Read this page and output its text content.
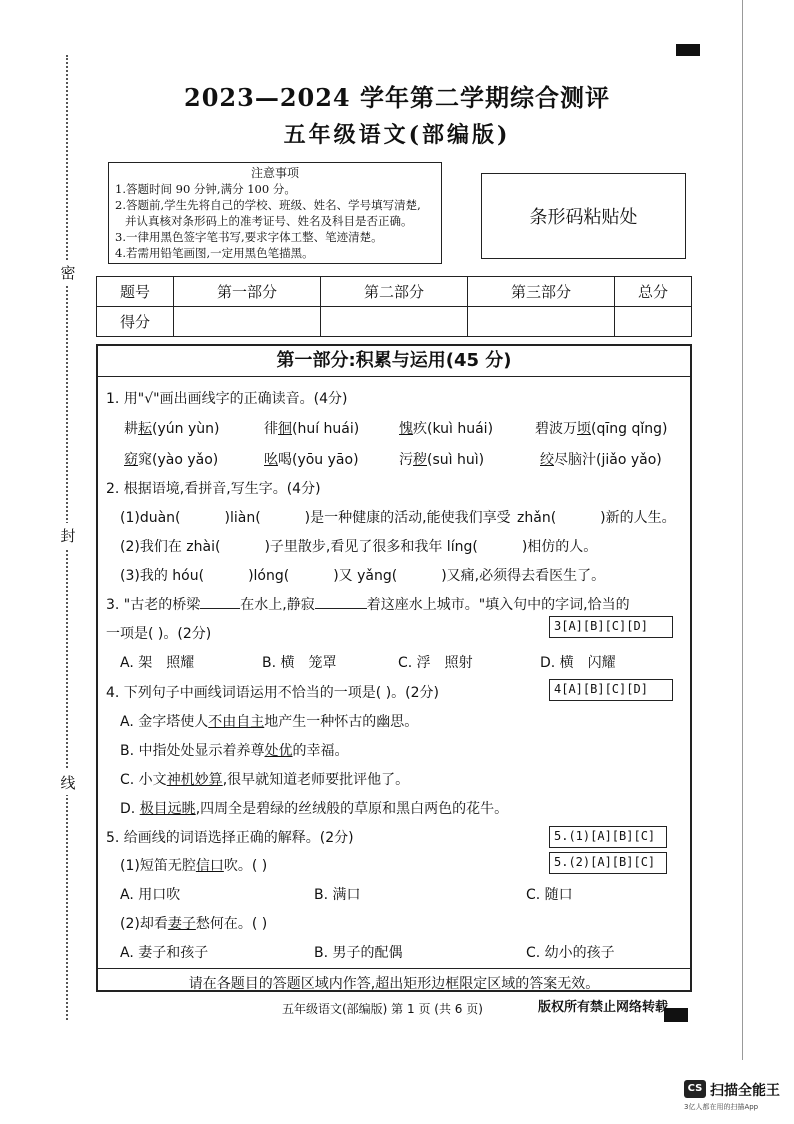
密
封
线
2023—2024 学年第二学期综合测评
五年级语文(部编版)
注意事项
1.答题时间 90 分钟,满分 100 分。
2.答题前,学生先将自己的学校、班级、姓名、学号填写清楚,
并认真核对条形码上的准考证号、姓名及科目是否正确。
3.一律用黑色签字笔书写,要求字体工整、笔迹清楚。
4.若需用铅笔画图,一定用黑色笔描黑。
条形码粘贴处
题号	第一部分	第二部分	第三部分	总分
得分				
第一部分:积累与运用(45 分)
1. 用"√"画出画线字的正确读音。(4分)
耕耘(yún yùn)	徘徊(huí huái)	愧疚(kuì huái)	碧波万顷(qīng qǐng)
窈窕(yào yǎo)	吆喝(yōu yāo)	污秽(suì huì)	绞尽脑汁(jiǎo yǎo)
2. 根据语境,看拼音,写生字。(4分)
(1)duàn(	)liàn(	)是一种健康的活动,能使我们享受 zhǎn(	)新的人生。
(2)我们在 zhài(	)子里散步,看见了很多和我年 líng(	)相仿的人。
(3)我的 hóu(	)lóng(	)又 yǎng(	)又痛,必须得去看医生了。
3. "古老的桥梁	在水上,静寂	着这座水上城市。"填入句中的字词,恰当的
一项是( )。(2分)	3[A][B][C][D]
A. 架　照耀	B. 横　笼罩	C. 浮　照射	D. 横　闪耀
4. 下列句子中画线词语运用不恰当的一项是( )。(2分)	4[A][B][C][D]
A. 金字塔使人不由自主地产生一种怀古的幽思。
B. 中指处处显示着养尊处优的幸福。
C. 小文神机妙算,很早就知道老师要批评他了。
D. 极目远眺,四周全是碧绿的丝绒般的草原和黑白两色的花牛。
5. 给画线的词语选择正确的解释。(2分)	5.(1)[A][B][C]
5.(2)[A][B][C]
(1)短笛无腔信口吹。( )
A. 用口吹	B. 满口	C. 随口
(2)却看妻子愁何在。( )
A. 妻子和孩子	B. 男子的配偶	C. 幼小的孩子
请在各题目的答题区域内作答,超出矩形边框限定区域的答案无效。
五年级语文(部编版) 第 1 页 (共 6 页)	版权所有禁止网络转载
CS 扫描全能王
3亿人都在用的扫描App
